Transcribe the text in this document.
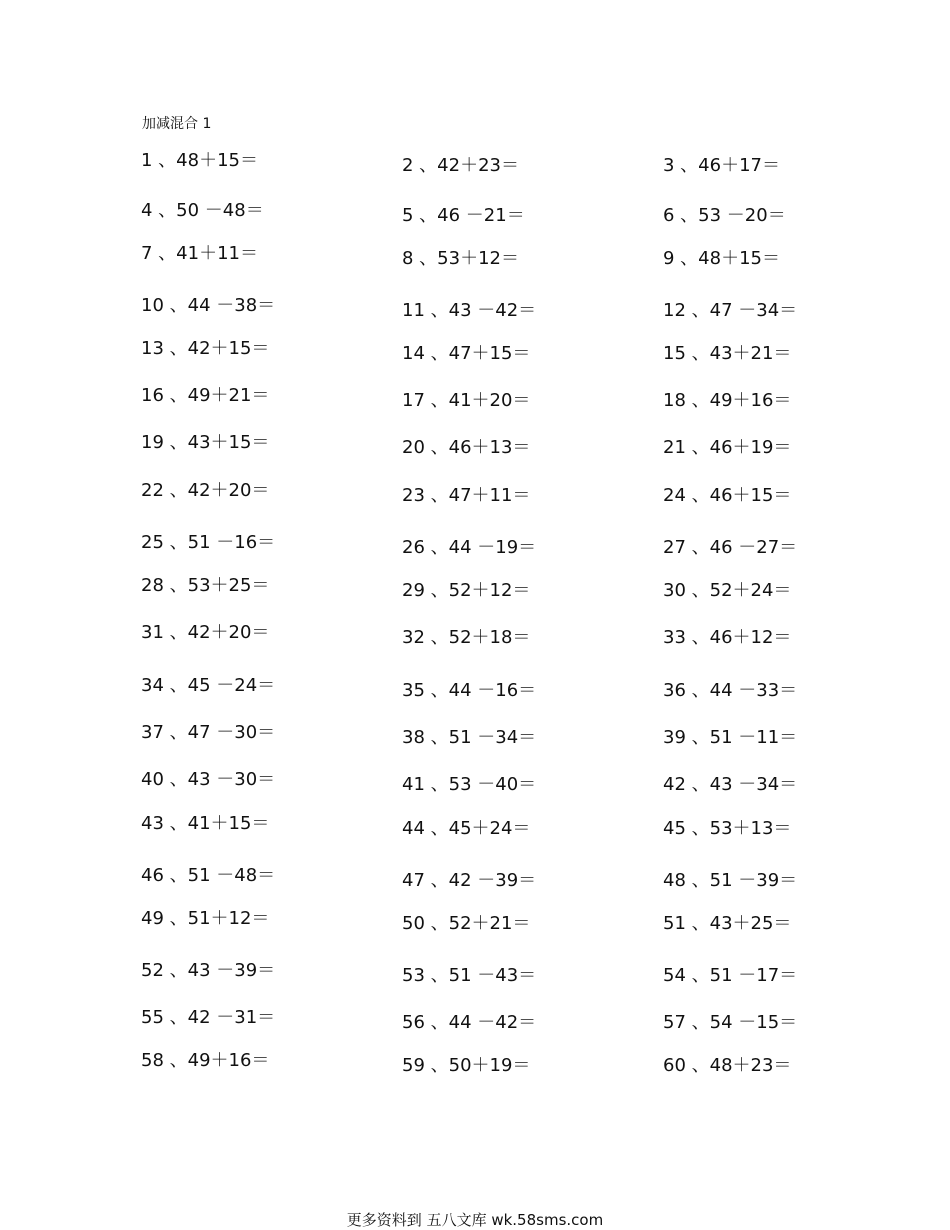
加减混合 1
1 、48＋15＝	2 、42＋23＝	3 、46＋17＝
4 、50 －48＝	5 、46 －21＝	6 、53 －20＝
7 、41＋11＝	8 、53＋12＝	9 、48＋15＝
10 、44 －38＝	11 、43 －42＝	12 、47 －34＝
13 、42＋15＝	14 、47＋15＝	15 、43＋21＝
16 、49＋21＝	17 、41＋20＝	18 、49＋16＝
19 、43＋15＝	20 、46＋13＝	21 、46＋19＝
22 、42＋20＝	23 、47＋11＝	24 、46＋15＝
25 、51 －16＝	26 、44 －19＝	27 、46 －27＝
28 、53＋25＝	29 、52＋12＝	30 、52＋24＝
31 、42＋20＝	32 、52＋18＝	33 、46＋12＝
34 、45 －24＝	35 、44 －16＝	36 、44 －33＝
37 、47 －30＝	38 、51 －34＝	39 、51 －11＝
40 、43 －30＝	41 、53 －40＝	42 、43 －34＝
43 、41＋15＝	44 、45＋24＝	45 、53＋13＝
46 、51 －48＝	47 、42 －39＝	48 、51 －39＝
49 、51＋12＝	50 、52＋21＝	51 、43＋25＝
52 、43 －39＝	53 、51 －43＝	54 、51 －17＝
55 、42 －31＝	56 、44 －42＝	57 、54 －15＝
58 、49＋16＝	59 、50＋19＝	60 、48＋23＝
更多资料到 五八文库 wk.58sms.com
